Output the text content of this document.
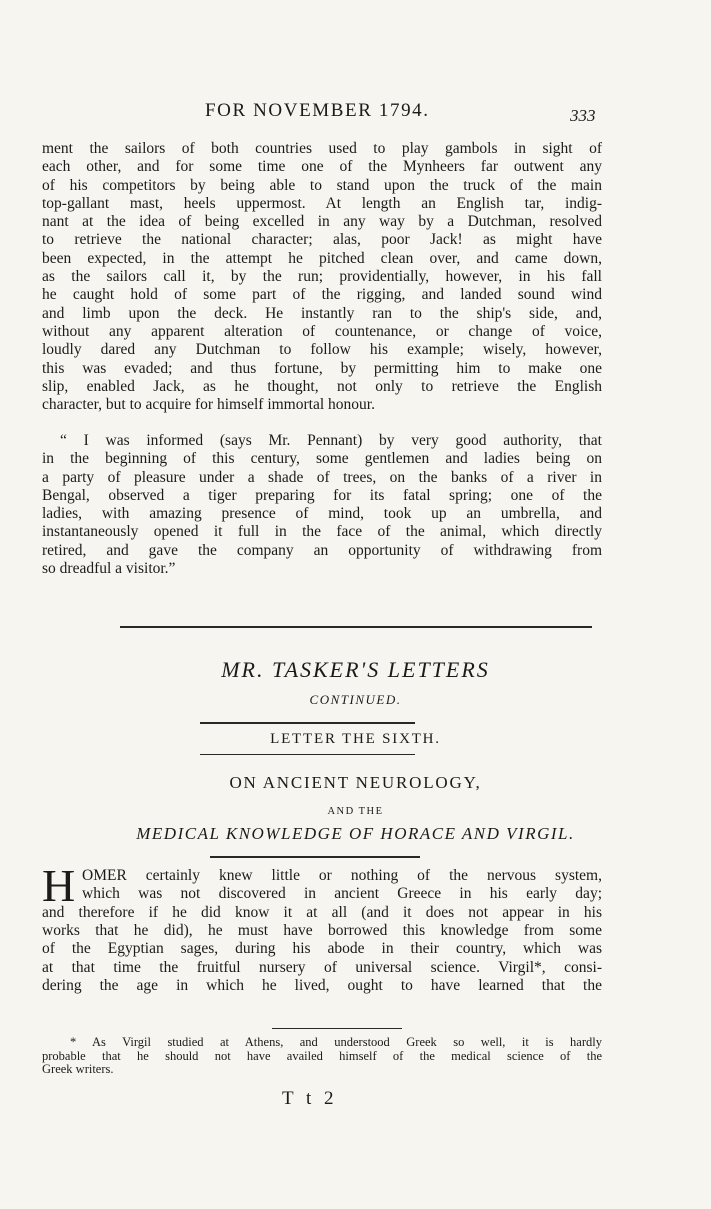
FOR NOVEMBER 1794.	333
ment the sailors of both countries used to play gambols in sight of
each other, and for some time one of the Mynheers far outwent any
of his competitors by being able to stand upon the truck of the main
top-gallant mast, heels uppermost. At length an English tar, indig-
nant at the idea of being excelled in any way by a Dutchman, resolved
to retrieve the national character; alas, poor Jack! as might have
been expected, in the attempt he pitched clean over, and came down,
as the sailors call it, by the run; providentially, however, in his fall
he caught hold of some part of the rigging, and landed sound wind
and limb upon the deck. He instantly ran to the ship's side, and,
without any apparent alteration of countenance, or change of voice,
loudly dared any Dutchman to follow his example; wisely, however,
this was evaded; and thus fortune, by permitting him to make one
slip, enabled Jack, as he thought, not only to retrieve the English
character, but to acquire for himself immortal honour.
“ I was informed (says Mr. Pennant) by very good authority, that
in the beginning of this century, some gentlemen and ladies being on
a party of pleasure under a shade of trees, on the banks of a river in
Bengal, observed a tiger preparing for its fatal spring; one of the
ladies, with amazing presence of mind, took up an umbrella, and
instantaneously opened it full in the face of the animal, which directly
retired, and gave the company an opportunity of withdrawing from
so dreadful a visitor.”
MR. TASKER'S LETTERS
CONTINUED.
LETTER THE SIXTH.
ON ANCIENT NEUROLOGY,
AND THE
MEDICAL KNOWLEDGE OF HORACE AND VIRGIL.
H OMER certainly knew little or nothing of the nervous system,
which was not discovered in ancient Greece in his early day;
and therefore if he did know it at all (and it does not appear in his
works that he did), he must have borrowed this knowledge from some
of the Egyptian sages, during his abode in their country, which was
at that time the fruitful nursery of universal science. Virgil*, consi-
dering the age in which he lived, ought to have learned that the
* As Virgil studied at Athens, and understood Greek so well, it is hardly
probable that he should not have availed himself of the medical science of the
Greek writers.
T t 2
